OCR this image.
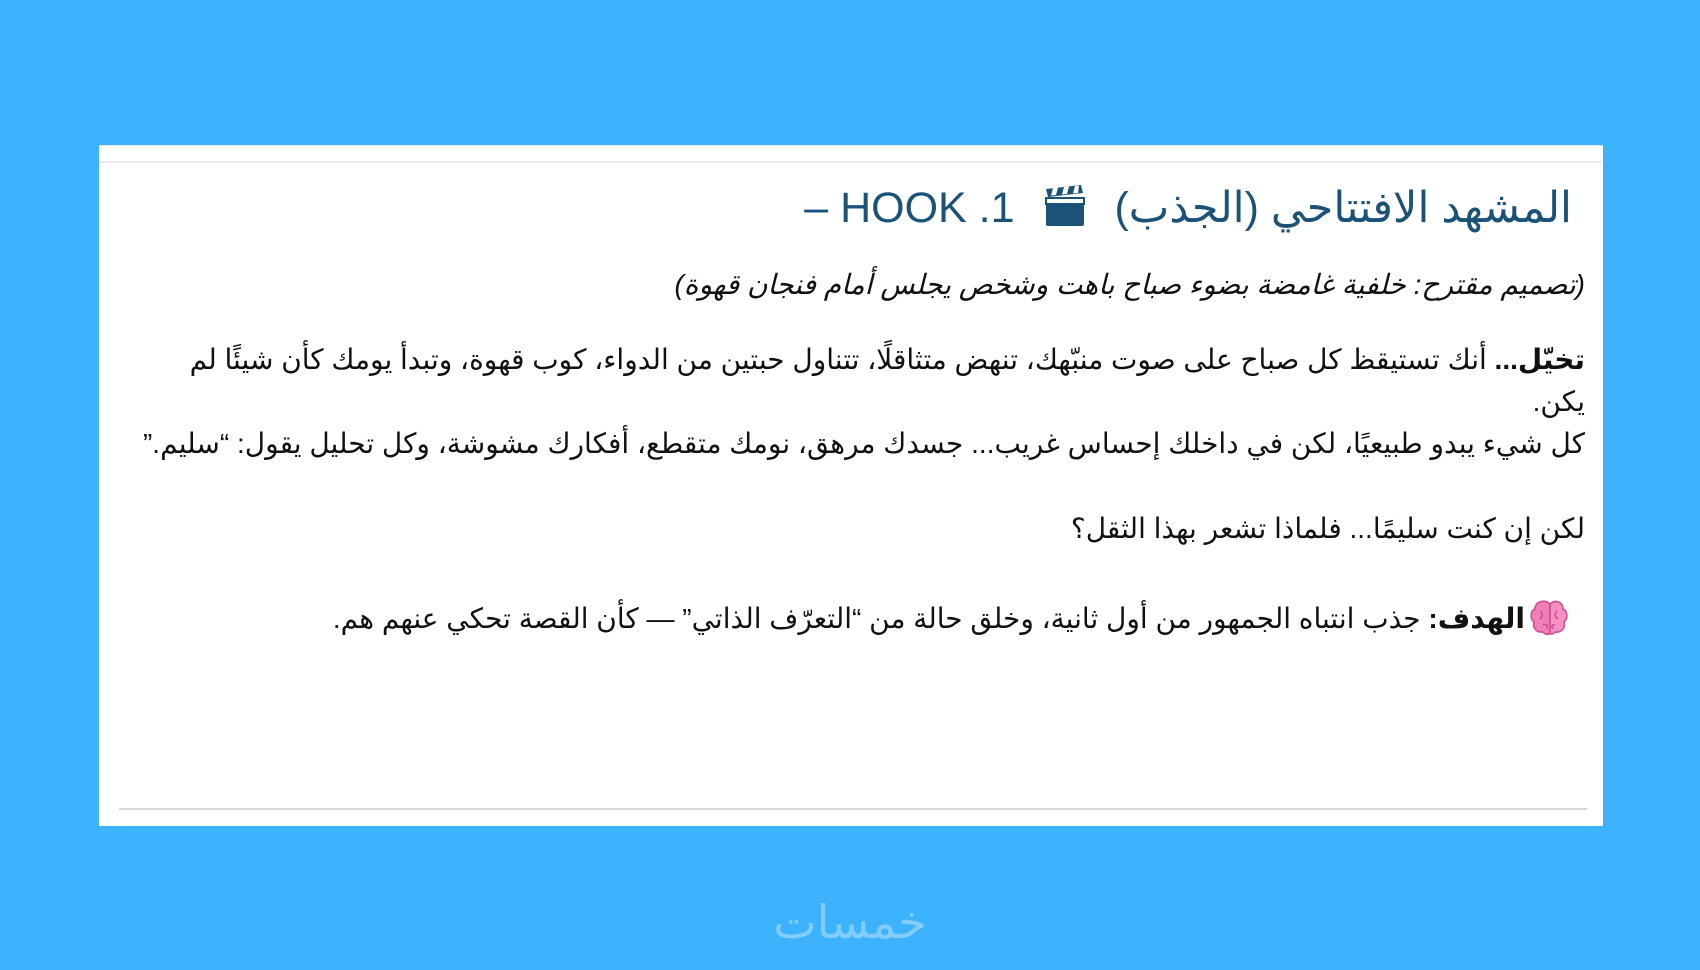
المشهد الافتتاحي (الجذب)  1. HOOK –

(تصميم مقترح: خلفية غامضة بضوء صباح باهت وشخص يجلس أمام فنجان قهوة)

تخيّل... أنك تستيقظ كل صباح على صوت منبّهك، تنهض متثاقلًا، تتناول حبتين من الدواء، كوب قهوة، وتبدأ يومك كأن شيئًا لم يكن.
كل شيء يبدو طبيعيًا، لكن في داخلك إحساس غريب... جسدك مرهق، نومك متقطع، أفكارك مشوشة، وكل تحليل يقول: “سليم.”

لكن إن كنت سليمًا... فلماذا تشعر بهذا الثقل؟

الهدف: جذب انتباه الجمهور من أول ثانية، وخلق حالة من “التعرّف الذاتي” — كأن القصة تحكي عنهم هم.

خمسات
